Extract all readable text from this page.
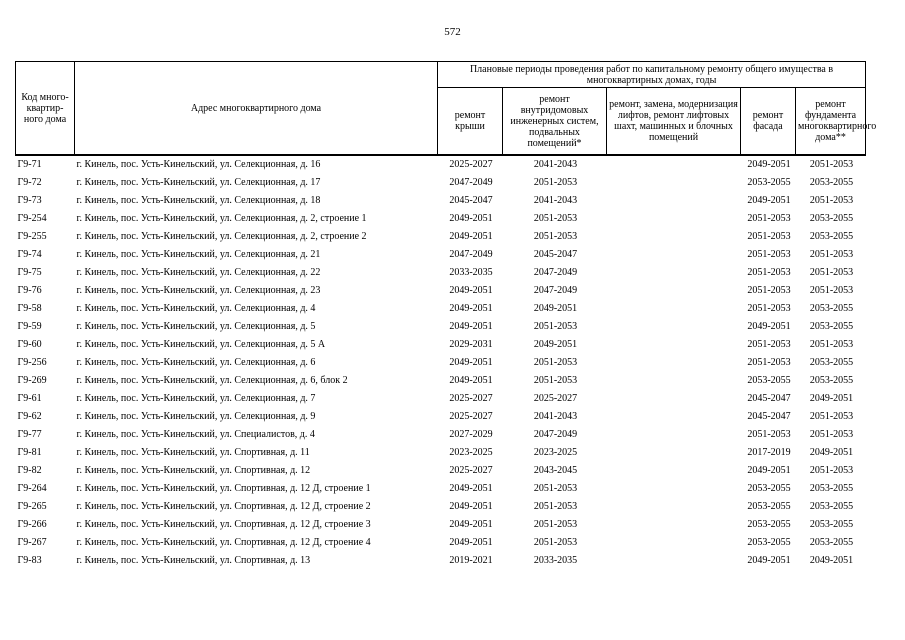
572
Код много-квартир-ного дома	Адрес многоквартирного дома	Плановые периоды проведения работ по капитальному ремонту общего имущества в многоквартирных домах, годы				
		ремонт крыши	ремонт внутридомовых инженерных систем, подвальных помещений*	ремонт, замена, модернизация лифтов, ремонт лифтовых шахт, машинных и блочных помещений	ремонт фасада	ремонт фундамента многоквартирного дома**
Г9-71	г. Кинель, пос. Усть-Кинельский, ул. Селекционная, д. 16	2025-2027	2041-2043		2049-2051	2051-2053
Г9-72	г. Кинель, пос. Усть-Кинельский, ул. Селекционная, д. 17	2047-2049	2051-2053		2053-2055	2053-2055
Г9-73	г. Кинель, пос. Усть-Кинельский, ул. Селекционная, д. 18	2045-2047	2041-2043		2049-2051	2051-2053
Г9-254	г. Кинель, пос. Усть-Кинельский, ул. Селекционная, д. 2, строение 1	2049-2051	2051-2053		2051-2053	2053-2055
Г9-255	г. Кинель, пос. Усть-Кинельский, ул. Селекционная, д. 2, строение 2	2049-2051	2051-2053		2051-2053	2053-2055
Г9-74	г. Кинель, пос. Усть-Кинельский, ул. Селекционная, д. 21	2047-2049	2045-2047		2051-2053	2051-2053
Г9-75	г. Кинель, пос. Усть-Кинельский, ул. Селекционная, д. 22	2033-2035	2047-2049		2051-2053	2051-2053
Г9-76	г. Кинель, пос. Усть-Кинельский, ул. Селекционная, д. 23	2049-2051	2047-2049		2051-2053	2051-2053
Г9-58	г. Кинель, пос. Усть-Кинельский, ул. Селекционная, д. 4	2049-2051	2049-2051		2051-2053	2053-2055
Г9-59	г. Кинель, пос. Усть-Кинельский, ул. Селекционная, д. 5	2049-2051	2051-2053		2049-2051	2053-2055
Г9-60	г. Кинель, пос. Усть-Кинельский, ул. Селекционная, д. 5 А	2029-2031	2049-2051		2051-2053	2051-2053
Г9-256	г. Кинель, пос. Усть-Кинельский, ул. Селекционная, д. 6	2049-2051	2051-2053		2051-2053	2053-2055
Г9-269	г. Кинель, пос. Усть-Кинельский, ул. Селекционная, д. 6, блок 2	2049-2051	2051-2053		2053-2055	2053-2055
Г9-61	г. Кинель, пос. Усть-Кинельский, ул. Селекционная, д. 7	2025-2027	2025-2027		2045-2047	2049-2051
Г9-62	г. Кинель, пос. Усть-Кинельский, ул. Селекционная, д. 9	2025-2027	2041-2043		2045-2047	2051-2053
Г9-77	г. Кинель, пос. Усть-Кинельский, ул. Специалистов, д. 4	2027-2029	2047-2049		2051-2053	2051-2053
Г9-81	г. Кинель, пос. Усть-Кинельский, ул. Спортивная, д. 11	2023-2025	2023-2025		2017-2019	2049-2051
Г9-82	г. Кинель, пос. Усть-Кинельский, ул. Спортивная, д. 12	2025-2027	2043-2045		2049-2051	2051-2053
Г9-264	г. Кинель, пос. Усть-Кинельский, ул. Спортивная, д. 12 Д, строение 1	2049-2051	2051-2053		2053-2055	2053-2055
Г9-265	г. Кинель, пос. Усть-Кинельский, ул. Спортивная, д. 12 Д, строение 2	2049-2051	2051-2053		2053-2055	2053-2055
Г9-266	г. Кинель, пос. Усть-Кинельский, ул. Спортивная, д. 12 Д, строение 3	2049-2051	2051-2053		2053-2055	2053-2055
Г9-267	г. Кинель, пос. Усть-Кинельский, ул. Спортивная, д. 12 Д, строение 4	2049-2051	2051-2053		2053-2055	2053-2055
Г9-83	г. Кинель, пос. Усть-Кинельский, ул. Спортивная, д. 13	2019-2021	2033-2035		2049-2051	2049-2051
